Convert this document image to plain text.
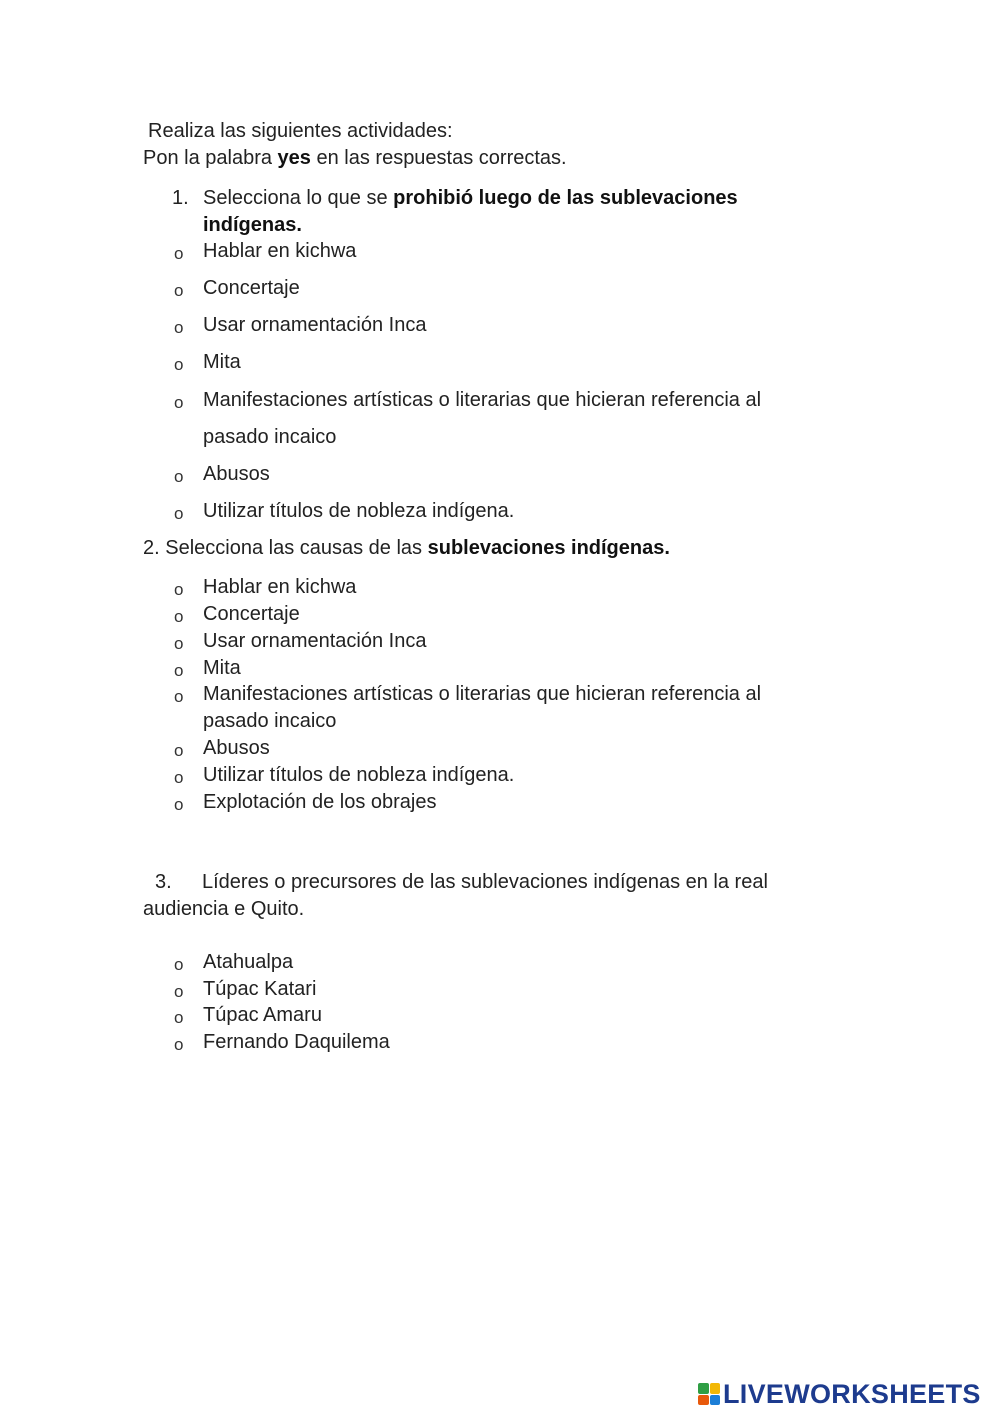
Realiza las siguientes actividades:
Pon la palabra yes en las respuestas correctas.
1. Selecciona lo que se prohibió luego de las sublevaciones
indígenas.
o Hablar en kichwa
o Concertaje
o Usar ornamentación Inca
o Mita
o Manifestaciones artísticas o literarias que hicieran referencia al
pasado incaico
o Abusos
o Utilizar títulos de nobleza indígena.
2. Selecciona las causas de las sublevaciones indígenas.
o Hablar en kichwa
o Concertaje
o Usar ornamentación Inca
o Mita
o Manifestaciones artísticas o literarias que hicieran referencia al
pasado incaico
o Abusos
o Utilizar títulos de nobleza indígena.
o Explotación de los obrajes
3. Líderes o precursores de las sublevaciones indígenas en la real
audiencia e Quito.
o Atahualpa
o Túpac Katari
o Túpac Amaru
o Fernando Daquilema
LIVEWORKSHEETS
